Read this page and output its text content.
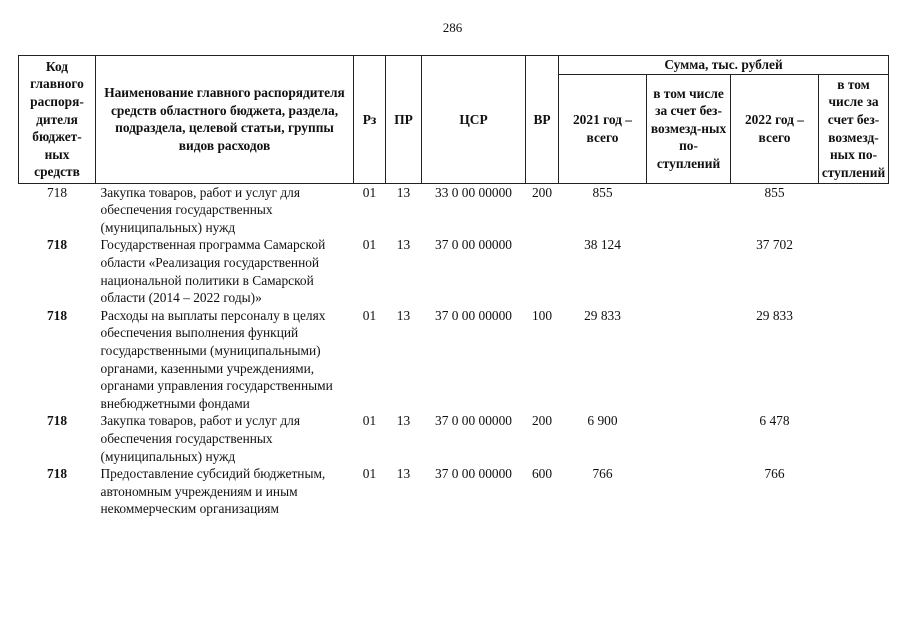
286
Код главного распоря-дителя бюджет-ных средств	Наименование главного распорядителя средств областного бюджета, раздела, подраздела, целевой статьи, группы видов расходов	Рз	ПР	ЦСР	ВР	Сумма, тыс. рублей			
						2021 год – всего	в том числе за счет без-возмезд-ных по-ступлений	2022 год – всего	в том числе за счет без-возмезд-ных по-ступлений
718	Закупка товаров, работ и услуг для обеспечения государственных (муниципальных) нужд	01	13	33 0 00 00000	200	855		855	
718	Государственная программа Самарской области «Реализация государственной национальной политики в Самарской области (2014 – 2022 годы)»	01	13	37 0 00 00000		38 124		37 702	
718	Расходы на выплаты персоналу в целях обеспечения выполнения функций государственными (муниципальными) органами, казенными учреждениями, органами управления государственными внебюджетными фондами	01	13	37 0 00 00000	100	29 833		29 833	
718	Закупка товаров, работ и услуг для обеспечения государственных (муниципальных) нужд	01	13	37 0 00 00000	200	6 900		6 478	
718	Предоставление субсидий бюджетным, автономным учреждениям и иным некоммерческим организациям	01	13	37 0 00 00000	600	766		766	
